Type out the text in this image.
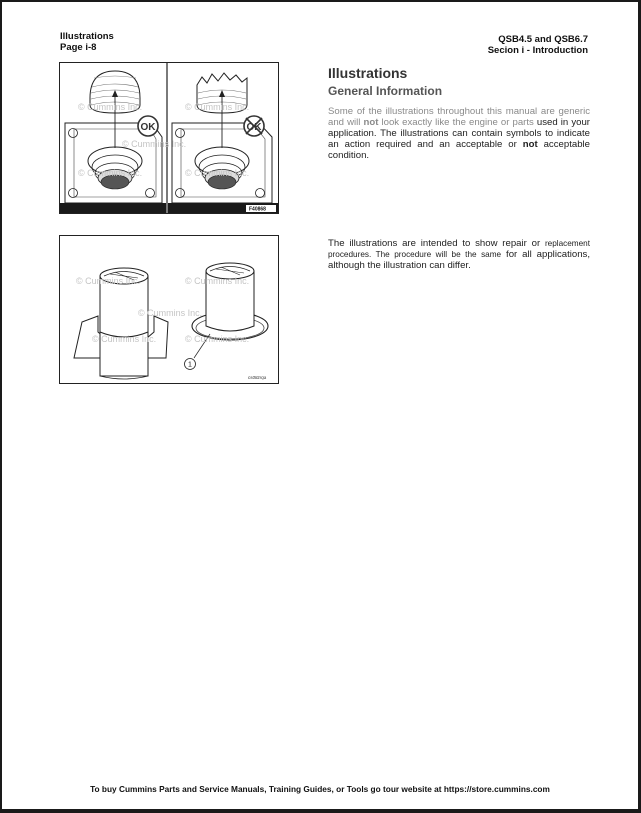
Illustrations
Page i-8
QSB4.5 and QSB6.7
Secion i - Introduction
OK	OK
© Cummins Inc.	© Cummins Inc.
© Cummins Inc.
© Cummins Inc.	© Cummins Inc.
F40868
1
© Cummins Inc.	© Cummins Inc.
© Cummins Inc.
© Cummins Inc.	© Cummins Inc.
cs08zrqa
Illustrations
General Information
Some of the illustrations throughout this manual are generic and will not look exactly like the engine or parts used in your application. The illustrations can contain symbols to indicate an action required and an acceptable or not acceptable condition.
The illustrations are intended to show repair or replacement procedures. The procedure will be the same for all applications, although the illustration can differ.
To buy Cummins Parts and Service Manuals, Training Guides, or Tools go tour website at https://store.cummins.com
